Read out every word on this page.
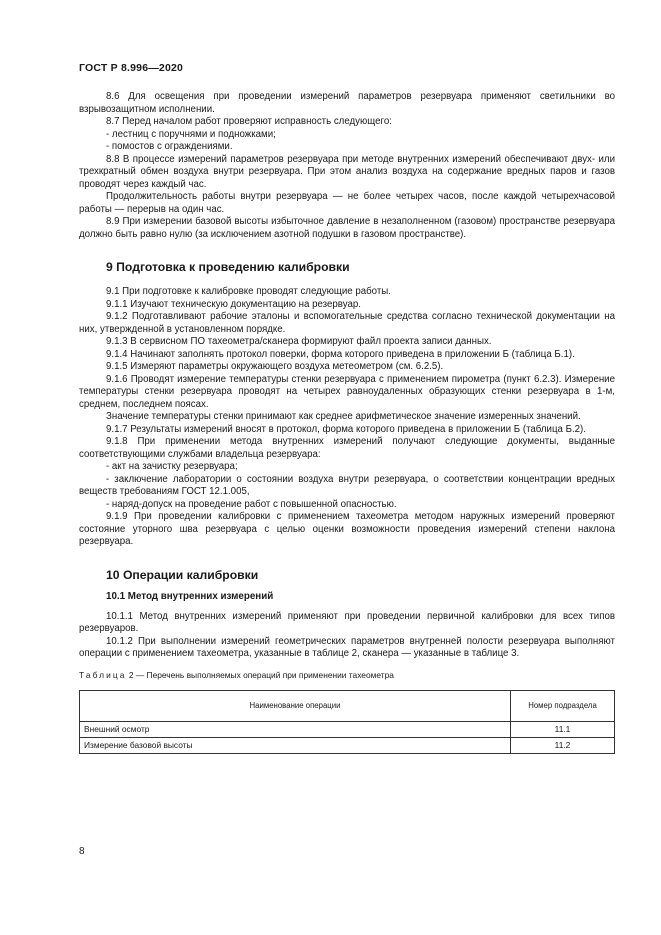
ГОСТ Р 8.996—2020

8.6 Для освещения при проведении измерений параметров резервуара применяют светильники во взрывозащитном исполнении.

8.7 Перед началом работ проверяют исправность следующего:

- лестниц с поручнями и подножками;

- помостов с ограждениями.

8.8 В процессе измерений параметров резервуара при методе внутренних измерений обеспечивают двух- или трехкратный обмен воздуха внутри резервуара. При этом анализ воздуха на содержание вредных паров и газов проводят через каждый час.

Продолжительность работы внутри резервуара — не более четырех часов, после каждой четырехчасовой работы — перерыв на один час.

8.9 При измерении базовой высоты избыточное давление в незаполненном (газовом) пространстве резервуара должно быть равно нулю (за исключением азотной подушки в газовом пространстве).

9 Подготовка к проведению калибровки

9.1 При подготовке к калибровке проводят следующие работы.

9.1.1 Изучают техническую документацию на резервуар.

9.1.2 Подготавливают рабочие эталоны и вспомогательные средства согласно технической документации на них, утвержденной в установленном порядке.

9.1.3 В сервисном ПО тахеометра/сканера формируют файл проекта записи данных.

9.1.4 Начинают заполнять протокол поверки, форма которого приведена в приложении Б (таблица Б.1).

9.1.5 Измеряют параметры окружающего воздуха метеометром (см. 6.2.5).

9.1.6 Проводят измерение температуры стенки резервуара с применением пирометра (пункт 6.2.3). Измерение температуры стенки резервуара проводят на четырех равноудаленных образующих стенки резервуара в 1-м, среднем, последнем поясах.

Значение температуры стенки принимают как среднее арифметическое значение измеренных значений.

9.1.7 Результаты измерений вносят в протокол, форма которого приведена в приложении Б (таблица Б.2).

9.1.8 При применении метода внутренних измерений получают следующие документы, выданные соответствующими службами владельца резервуара:

- акт на зачистку резервуара;

- заключение лаборатории о состоянии воздуха внутри резервуара, о соответствии концентрации вредных веществ требованиям ГОСТ 12.1.005,

- наряд-допуск на проведение работ с повышенной опасностью.

9.1.9 При проведении калибровки с применением тахеометра методом наружных измерений проверяют состояние уторного шва резервуара с целью оценки возможности проведения измерений степени наклона резервуара.

10 Операции калибровки

10.1 Метод внутренних измерений

10.1.1 Метод внутренних измерений применяют при проведении первичной калибровки для всех типов резервуаров.

10.1.2 При выполнении измерений геометрических параметров внутренней полости резервуара выполняют операции с применением тахеометра, указанные в таблице 2, сканера — указанные в таблице 3.

Таблица 2 — Перечень выполняемых операций при применении тахеометра

Наименование операции	Номер подраздела
Внешний осмотр	11.1
Измерение базовой высоты	11.2
8
